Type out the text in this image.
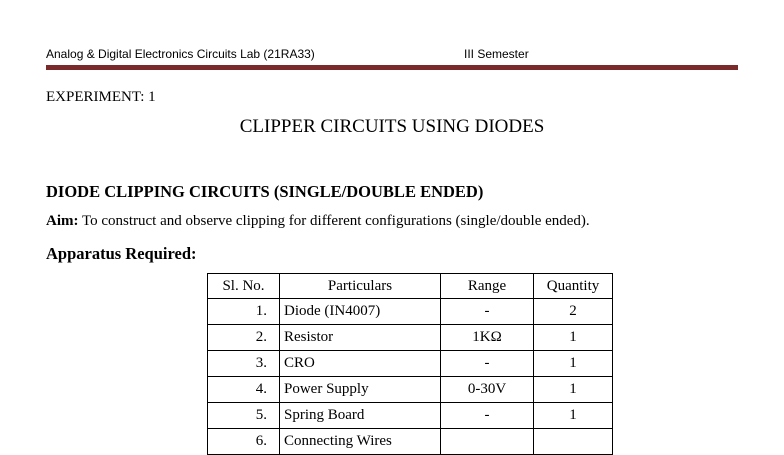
Analog & Digital Electronics Circuits Lab (21RA33)	III Semester
EXPERIMENT: 1
CLIPPER CIRCUITS USING DIODES
DIODE CLIPPING CIRCUITS (SINGLE/DOUBLE ENDED)
Aim: To construct and observe clipping for different configurations (single/double ended).
Apparatus Required:
Sl. No.	Particulars	Range	Quantity
1.	Diode (IN4007)	-	2
2.	Resistor	1KΩ	1
3.	CRO	-	1
4.	Power Supply	0-30V	1
5.	Spring Board	-	1
6.	Connecting Wires		
